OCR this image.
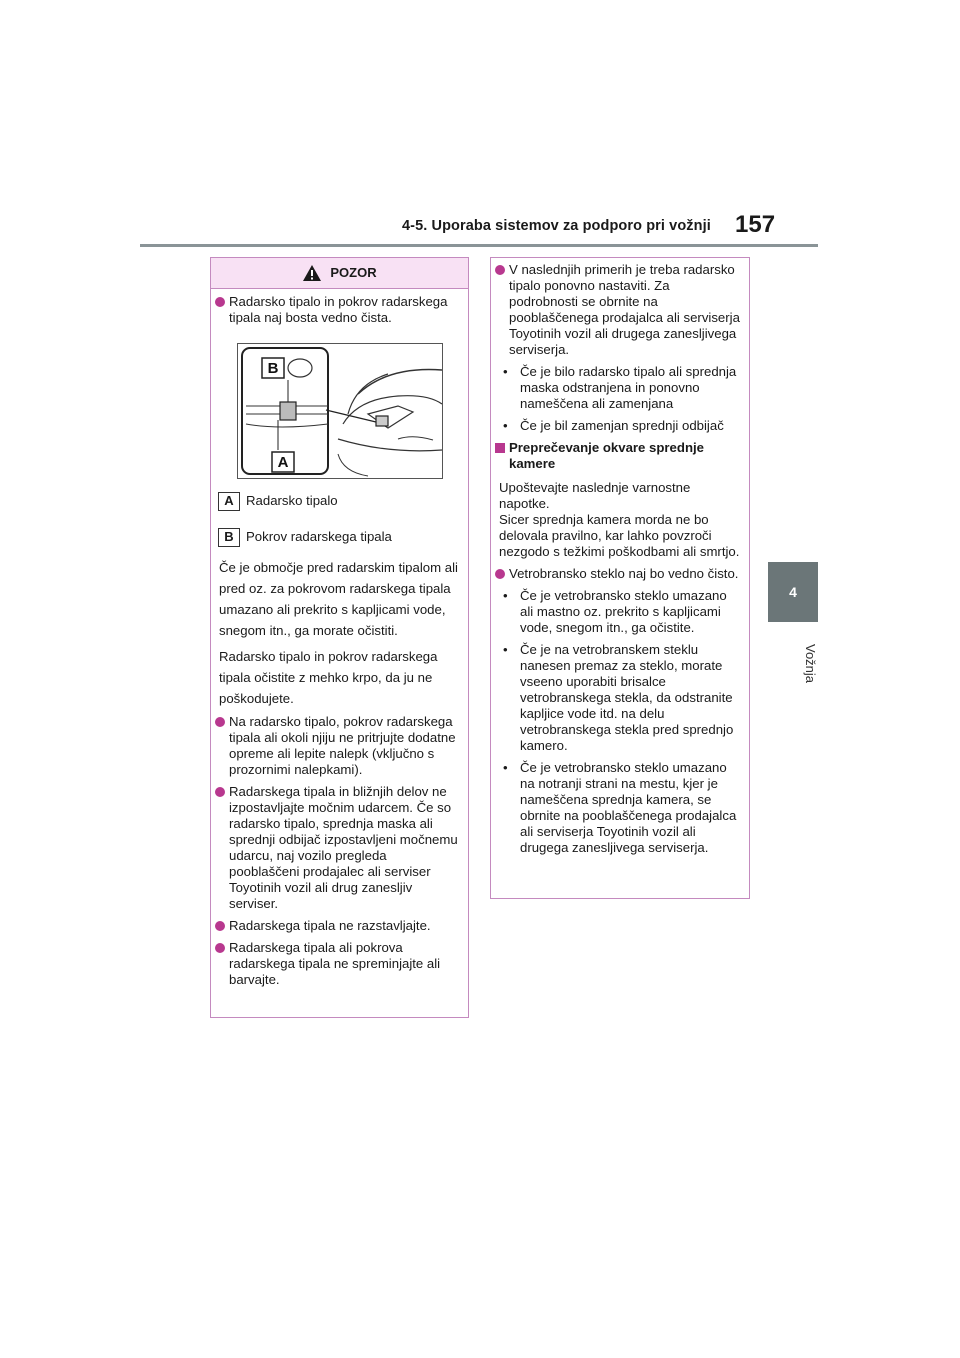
4-5. Uporaba sistemov za podporo pri vožnji 157
4
Vožnja
POZOR
Radarsko tipalo in pokrov radarskega tipala naj bosta vedno čista.
B
A
A Radarsko tipalo
B Pokrov radarskega tipala
Če je območje pred radarskim tipalom ali pred oz. za pokrovom radarskega tipala umazano ali prekrito s kapljicami vode, snegom itn., ga morate očistiti.
Radarsko tipalo in pokrov radarskega tipala očistite z mehko krpo, da ju ne poškodujete.
Na radarsko tipalo, pokrov radarskega tipala ali okoli njiju ne pritrjujte dodatne opreme ali lepite nalepk (vključno s prozornimi nalepkami).
Radarskega tipala in bližnjih delov ne izpostavljajte močnim udarcem. Če so radarsko tipalo, sprednja maska ali sprednji odbijač izpostavljeni močnemu udarcu, naj vozilo pregleda pooblaščeni prodajalec ali serviser Toyotinih vozil ali drug zanesljiv serviser.
Radarskega tipala ne razstavljajte.
Radarskega tipala ali pokrova radarskega tipala ne spreminjajte ali barvajte.
V naslednjih primerih je treba radarsko tipalo ponovno nastaviti. Za podrobnosti se obrnite na pooblaščenega prodajalca ali serviserja Toyotinih vozil ali drugega zanesljivega serviserja.
• Če je bilo radarsko tipalo ali sprednja maska odstranjena in ponovno nameščena ali zamenjana
• Če je bil zamenjan sprednji odbijač
Preprečevanje okvare sprednje kamere
Upoštevajte naslednje varnostne napotke.
Sicer sprednja kamera morda ne bo delovala pravilno, kar lahko povzroči nezgodo s težkimi poškodbami ali smrtjo.
Vetrobransko steklo naj bo vedno čisto.
• Če je vetrobransko steklo umazano ali mastno oz. prekrito s kapljicami vode, snegom itn., ga očistite.
• Če je na vetrobranskem steklu nanesen premaz za steklo, morate vseeno uporabiti brisalce vetrobranskega stekla, da odstranite kapljice vode itd. na delu vetrobranskega stekla pred sprednjo kamero.
• Če je vetrobransko steklo umazano na notranji strani na mestu, kjer je nameščena sprednja kamera, se obrnite na pooblaščenega prodajalca ali serviserja Toyotinih vozil ali drugega zanesljivega serviserja.
